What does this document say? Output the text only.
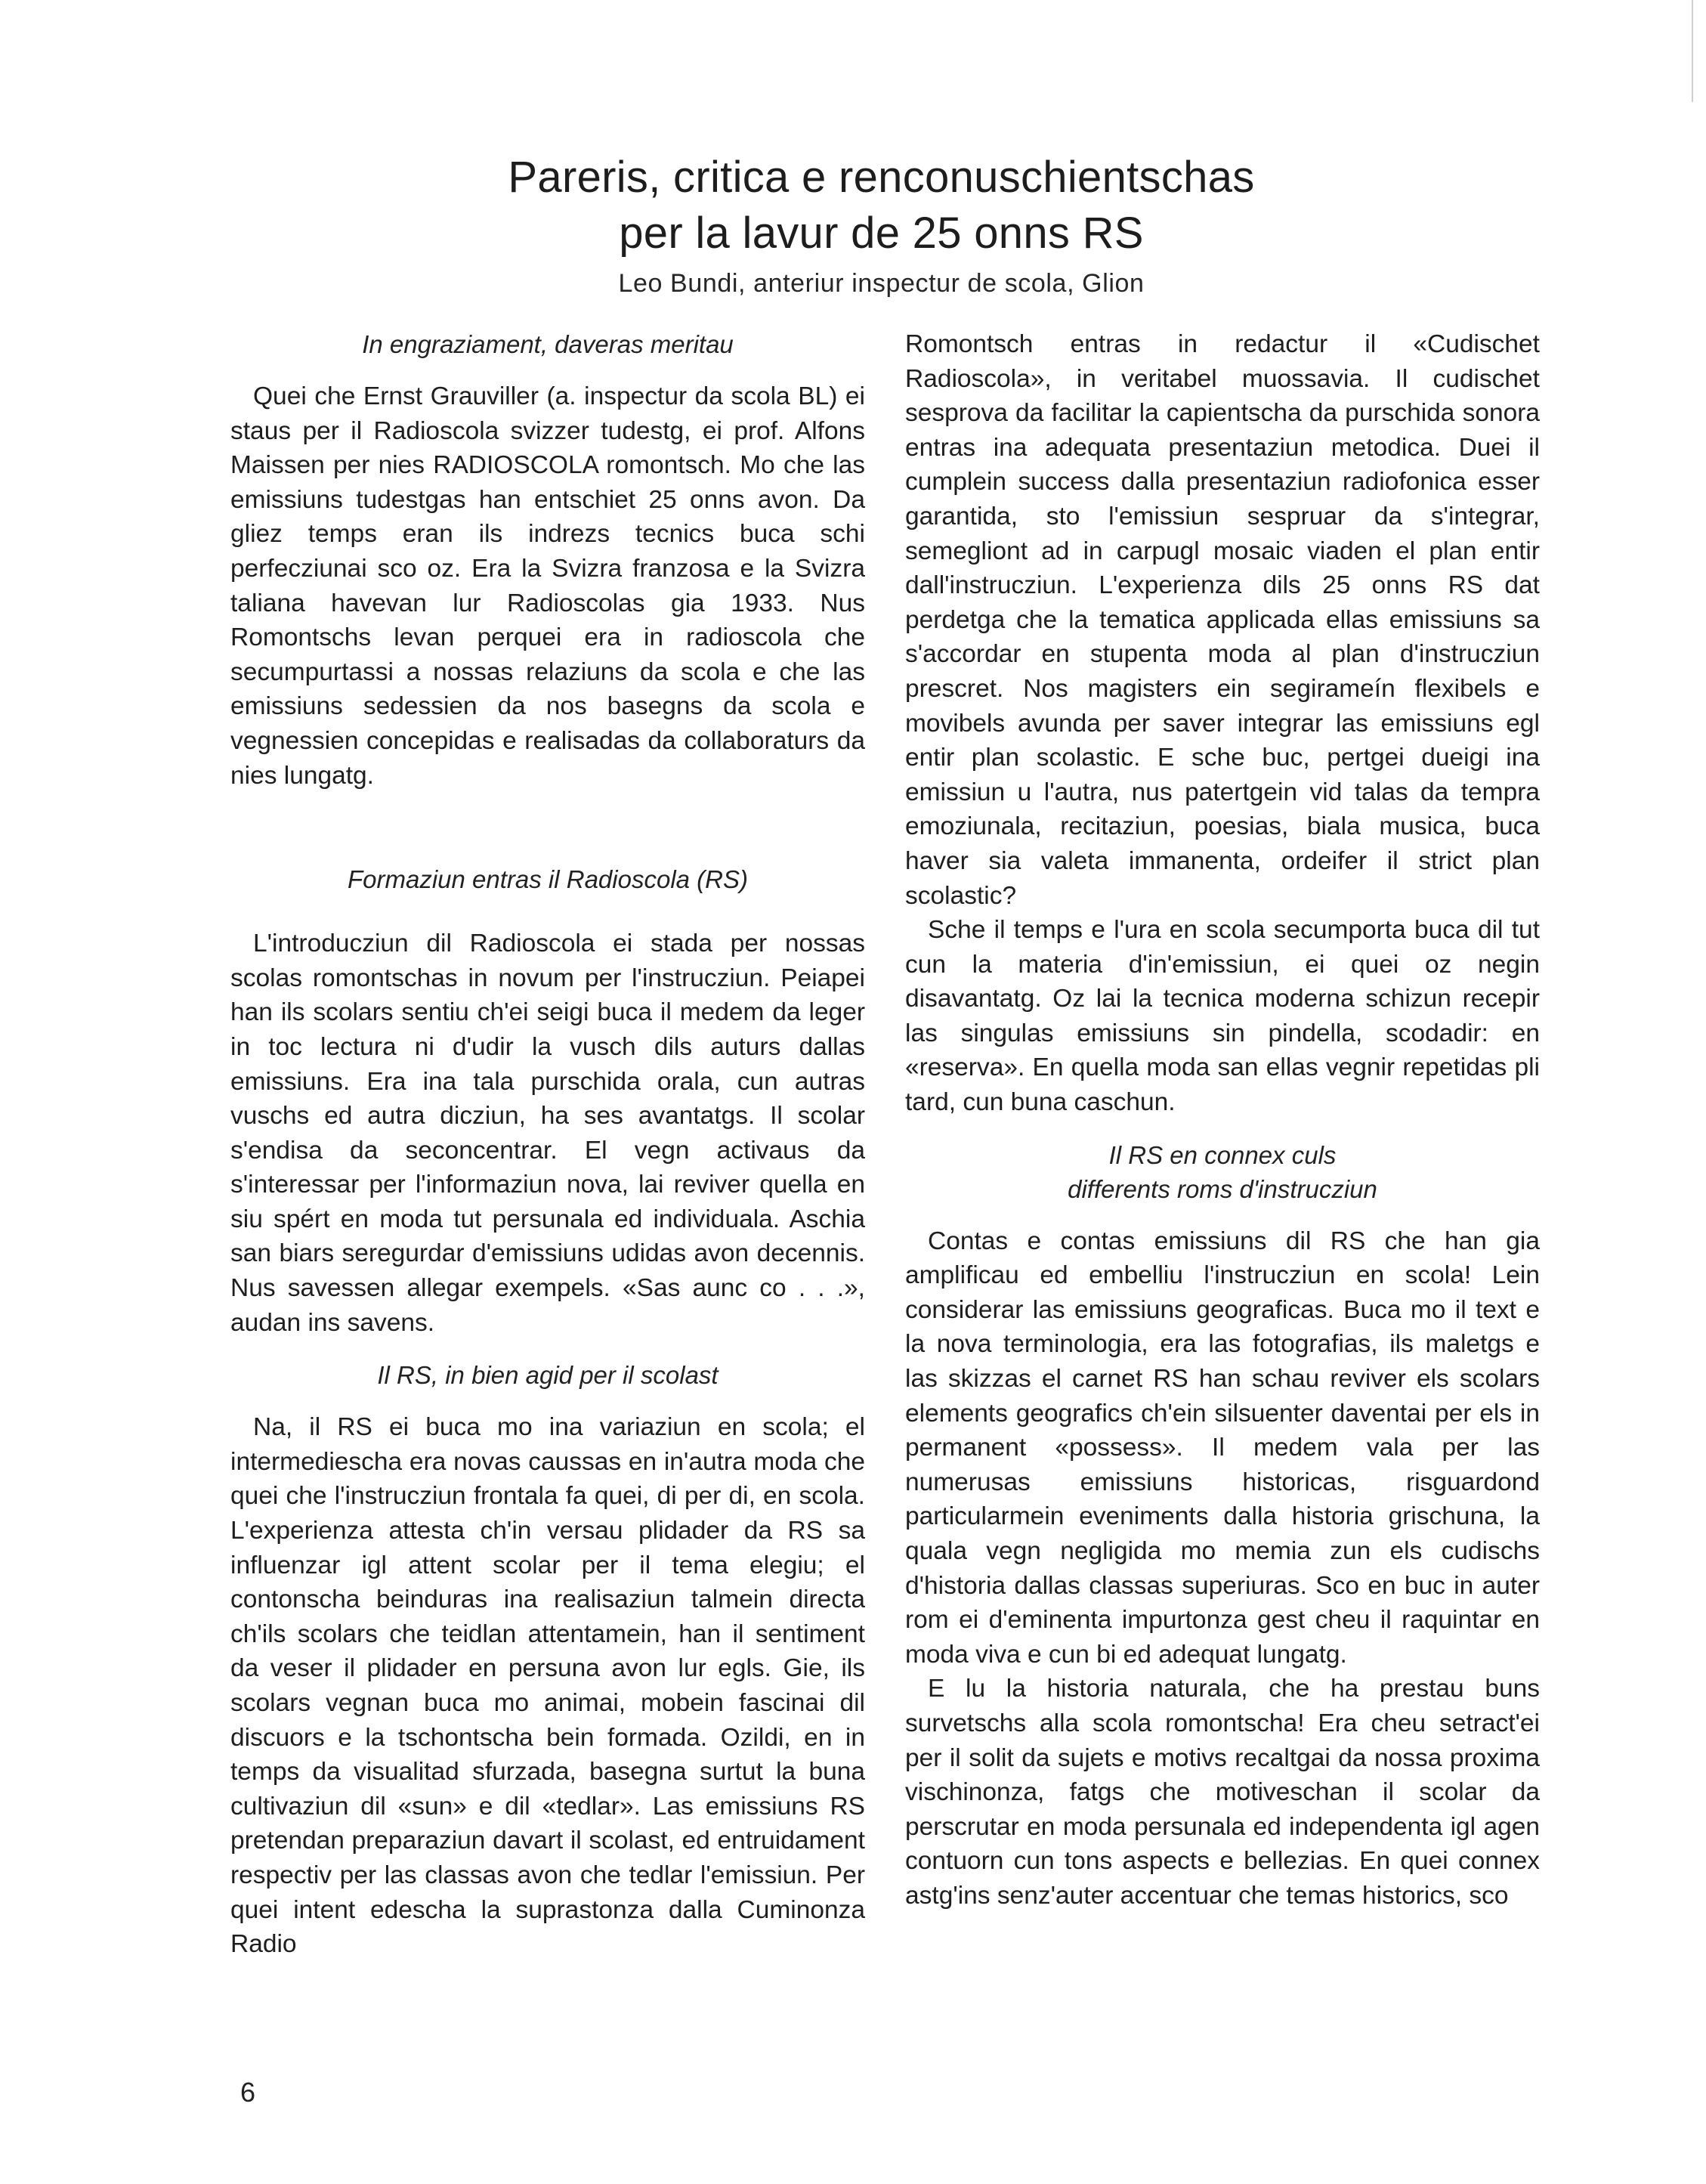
Pareris, critica e renconuschientschas
per la lavur de 25 onns RS
Leo Bundi, anteriur inspectur de scola, Glion
In engraziament, daveras meritau

Quei che Ernst Grauviller (a. inspectur da scola BL) ei staus per il Radioscola svizzer tudestg, ei prof. Alfons Maissen per nies RADIOSCOLA romontsch. Mo che las emissiuns tudestgas han entschiet 25 onns avon. Da gliez temps eran ils indrezs tecnics buca schi perfecziunai sco oz. Era la Svizra franzosa e la Svizra taliana havevan lur Radioscolas gia 1933. Nus Romontschs levan perquei era in radioscola che secumpurtassi a nossas relaziuns da scola e che las emissiuns sedessien da nos basegns da scola e vegnessien concepidas e realisadas da collaboraturs da nies lungatg.

Formaziun entras il Radioscola (RS)

L'introducziun dil Radioscola ei stada per nossas scolas romontschas in novum per l'instrucziun. Peiapei han ils scolars sentiu ch'ei seigi buca il medem da leger in toc lectura ni d'udir la vusch dils auturs dallas emissiuns. Era ina tala purschida orala, cun autras vuschs ed autra dicziun, ha ses avantatgs. Il scolar s'endisa da seconcentrar. El vegn activaus da s'interessar per l'informaziun nova, lai reviver quella en siu spért en moda tut persunala ed individuala. Aschia san biars seregurdar d'emissiuns udidas avon decennis. Nus savessen allegar exempels. «Sas aunc co . . .», audan ins savens.

Il RS, in bien agid per il scolast

Na, il RS ei buca mo ina variaziun en scola; el intermediescha era novas caussas en in'autra moda che quei che l'instrucziun frontala fa quei, di per di, en scola. L'experienza attesta ch'in versau plidader da RS sa influenzar igl attent scolar per il tema elegiu; el contonscha beinduras ina realisaziun talmein directa ch'ils scolars che teidlan attentamein, han il sentiment da veser il plidader en persuna avon lur egls. Gie, ils scolars vegnan buca mo animai, mobein fascinai dil discuors e la tschontscha bein formada. Ozildi, en in temps da visualitad sfurzada, basegna surtut la buna cultivaziun dil «sun» e dil «tedlar». Las emissiuns RS pretendan preparaziun davart il scolast, ed entruidament respectiv per las classas avon che tedlar l'emissiun. Per quei intent edescha la suprastonza dalla Cuminonza Radio

Romontsch entras in redactur il «Cudischet Radioscola», in veritabel muossavia. Il cudischet sesprova da facilitar la capientscha da purschida sonora entras ina adequata presentaziun metodica. Duei il cumplein success dalla presentaziun radiofonica esser garantida, sto l'emissiun sespruar da s'integrar, semegliont ad in carpugl mosaic viaden el plan entir dall'instrucziun. L'experienza dils 25 onns RS dat perdetga che la tematica applicada ellas emissiuns sa s'accordar en stupenta moda al plan d'instrucziun prescret. Nos magisters ein segirameín flexibels e movibels avunda per saver integrar las emissiuns egl entir plan scolastic. E sche buc, pertgei dueigi ina emissiun u l'autra, nus patertgein vid talas da tempra emoziunala, recitaziun, poesias, biala musica, buca haver sia valeta immanenta, ordeifer il strict plan scolastic?

Sche il temps e l'ura en scola secumporta buca dil tut cun la materia d'in'emissiun, ei quei oz negin disavantatg. Oz lai la tecnica moderna schizun recepir las singulas emissiuns sin pindella, scodadir: en «reserva». En quella moda san ellas vegnir repetidas pli tard, cun buna caschun.

Il RS en connex culs
differents roms d'instrucziun

Contas e contas emissiuns dil RS che han gia amplificau ed embelliu l'instrucziun en scola! Lein considerar las emissiuns geograficas. Buca mo il text e la nova terminologia, era las fotografias, ils maletgs e las skizzas el carnet RS han schau reviver els scolars elements geografics ch'ein silsuenter daventai per els in permanent «possess». Il medem vala per las numerusas emissiuns historicas, risguardond particularmein eveniments dalla historia grischuna, la quala vegn negligida mo memia zun els cudischs d'historia dallas classas superiuras. Sco en buc in auter rom ei d'eminenta impurtonza gest cheu il raquintar en moda viva e cun bi ed adequat lungatg.

E lu la historia naturala, che ha prestau buns survetschs alla scola romontscha! Era cheu setract'ei per il solit da sujets e motivs recaltgai da nossa proxima vischinonza, fatgs che motiveschan il scolar da perscrutar en moda persunala ed independenta igl agen contuorn cun tons aspects e bellezias. En quei connex astg'ins senz'auter accentuar che temas historics, sco

6
